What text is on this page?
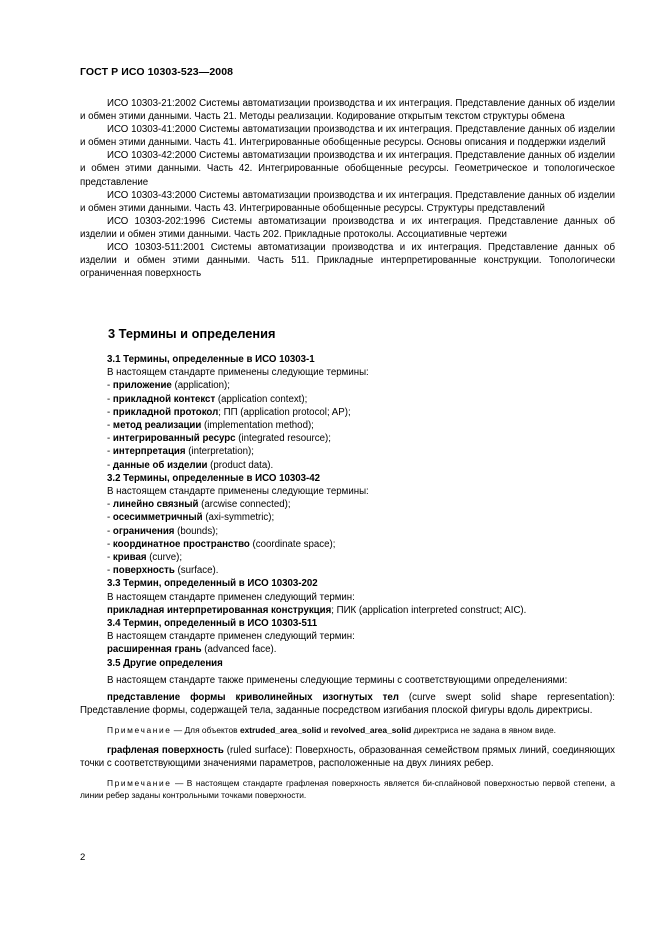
ГОСТ Р ИСО 10303-523—2008

ИСО 10303-21:2002 Системы автоматизации производства и их интеграция. Представление данных об изделии и обмен этими данными. Часть 21. Методы реализации. Кодирование открытым текстом структуры обмена

ИСО 10303-41:2000 Системы автоматизации производства и их интеграция. Представление данных об изделии и обмен этими данными. Часть 41. Интегрированные обобщенные ресурсы. Основы описания и поддержки изделий

ИСО 10303-42:2000 Системы автоматизации производства и их интеграция. Представление данных об изделии и обмен этими данными. Часть 42. Интегрированные обобщенные ресурсы. Геометрическое и топологическое представление

ИСО 10303-43:2000 Системы автоматизации производства и их интеграция. Представление данных об изделии и обмен этими данными. Часть 43. Интегрированные обобщенные ресурсы. Структуры представлений

ИСО 10303-202:1996 Системы автоматизации производства и их интеграция. Представление данных об изделии и обмен этими данными. Часть 202. Прикладные протоколы. Ассоциативные чертежи

ИСО 10303-511:2001 Системы автоматизации производства и их интеграция. Представление данных об изделии и обмен этими данными. Часть 511. Прикладные интерпретированные конструкции. Топологически ограниченная поверхность

3 Термины и определения

3.1 Термины, определенные в ИСО 10303-1

В настоящем стандарте применены следующие термины:

- приложение (application);

- прикладной контекст (application context);

- прикладной протокол; ПП (application protocol; AP);

- метод реализации (implementation method);

- интегрированный ресурс (integrated resource);

- интерпретация (interpretation);

- данные об изделии (product data).

3.2 Термины, определенные в ИСО 10303-42

В настоящем стандарте применены следующие термины:

- линейно связный (arcwise connected);

- осесимметричный (axi-symmetric);

- ограничения (bounds);

- координатное пространство (coordinate space);

- кривая (curve);

- поверхность (surface).

3.3 Термин, определенный в ИСО 10303-202

В настоящем стандарте применен следующий термин:

прикладная интерпретированная конструкция; ПИК (application interpreted construct; AIC).

3.4 Термин, определенный в ИСО 10303-511

В настоящем стандарте применен следующий термин:

расширенная грань (advanced face).

3.5 Другие определения

В настоящем стандарте также применены следующие термины с соответствующими определениями:

представление формы криволинейных изогнутых тел (curve swept solid shape representation): Представление формы, содержащей тела, заданные посредством изгибания плоской фигуры вдоль директрисы.

Примечание — Для объектов extruded_area_solid и revolved_area_solid директриса не задана в явном виде.

графленая поверхность (ruled surface): Поверхность, образованная семейством прямых линий, соединяющих точки с соответствующими значениями параметров, расположенные на двух линиях ребер.

Примечание — В настоящем стандарте графленая поверхность является би-сплайновой поверхностью первой степени, а линии ребер заданы контрольными точками поверхности.

2
